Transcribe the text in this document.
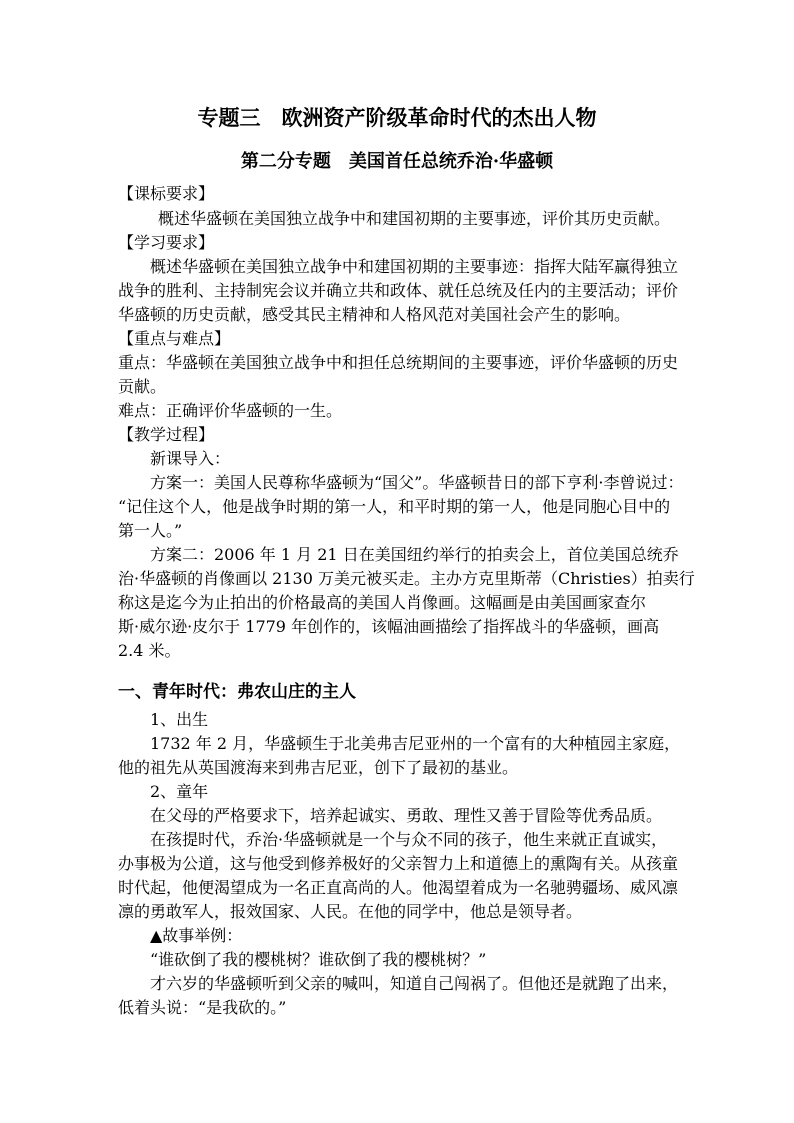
专题三　欧洲资产阶级革命时代的杰出人物
第二分专题　美国首任总统乔治·华盛顿
【课标要求】
概述华盛顿在美国独立战争中和建国初期的主要事迹，评价其历史贡献。
【学习要求】
概述华盛顿在美国独立战争中和建国初期的主要事迹：指挥大陆军赢得独立
战争的胜利、主持制宪会议并确立共和政体、就任总统及任内的主要活动；评价
华盛顿的历史贡献，感受其民主精神和人格风范对美国社会产生的影响。
【重点与难点】
重点：华盛顿在美国独立战争中和担任总统期间的主要事迹，评价华盛顿的历史
贡献。
难点：正确评价华盛顿的一生。
【教学过程】
新课导入：
方案一：美国人民尊称华盛顿为“国父”。华盛顿昔日的部下亨利·李曾说过：
“记住这个人，他是战争时期的第一人，和平时期的第一人，他是同胞心目中的
第一人。”
方案二：2006 年 1 月 21 日在美国纽约举行的拍卖会上，首位美国总统乔
治·华盛顿的肖像画以 2130 万美元被买走。主办方克里斯蒂（Christies）拍卖行
称这是迄今为止拍出的价格最高的美国人肖像画。这幅画是由美国画家查尔
斯·威尔逊·皮尔于 1779 年创作的，该幅油画描绘了指挥战斗的华盛顿，画高
2.4 米。
一、青年时代：弗农山庄的主人
1、出生
1732 年 2 月，华盛顿生于北美弗吉尼亚州的一个富有的大种植园主家庭，
他的祖先从英国渡海来到弗吉尼亚，创下了最初的基业。
2、童年
在父母的严格要求下，培养起诚实、勇敢、理性又善于冒险等优秀品质。
在孩提时代，乔治·华盛顿就是一个与众不同的孩子，他生来就正直诚实，
办事极为公道，这与他受到修养极好的父亲智力上和道德上的熏陶有关。从孩童
时代起，他便渴望成为一名正直高尚的人。他渴望着成为一名驰骋疆场、威风凛
凛的勇敢军人，报效国家、人民。在他的同学中，他总是领导者。
▲故事举例：
“谁砍倒了我的樱桃树？谁砍倒了我的樱桃树？”
才六岁的华盛顿听到父亲的喊叫，知道自己闯祸了。但他还是就跑了出来，
低着头说：“是我砍的。”
